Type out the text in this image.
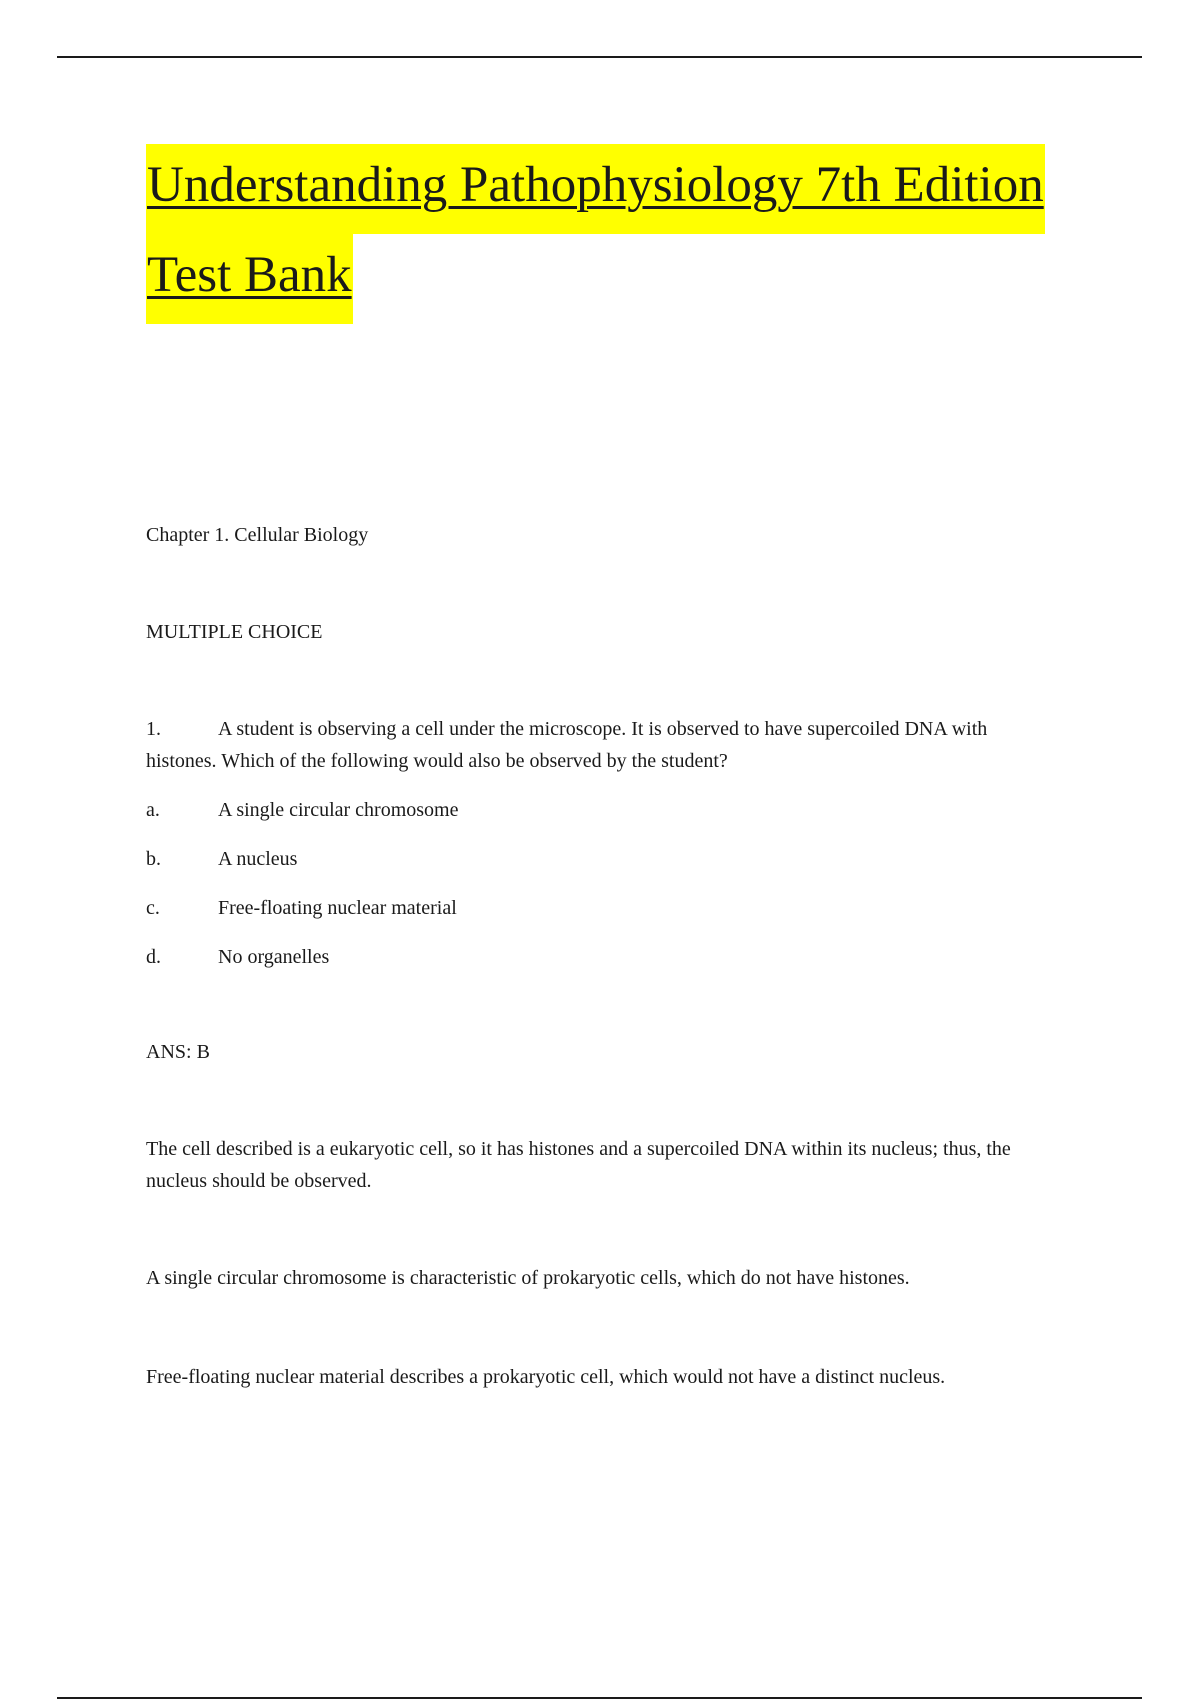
Understanding Pathophysiology 7th Edition
Test Bank

Chapter 1. Cellular Biology

MULTIPLE CHOICE

1.	A student is observing a cell under the microscope. It is observed to have supercoiled DNA with histones. Which of the following would also be observed by the student?
a.	A single circular chromosome
b.	A nucleus
c.	Free-floating nuclear material
d.	No organelles

ANS: B

The cell described is a eukaryotic cell, so it has histones and a supercoiled DNA within its nucleus; thus, the nucleus should be observed.

A single circular chromosome is characteristic of prokaryotic cells, which do not have histones.

Free-floating nuclear material describes a prokaryotic cell, which would not have a distinct nucleus.
